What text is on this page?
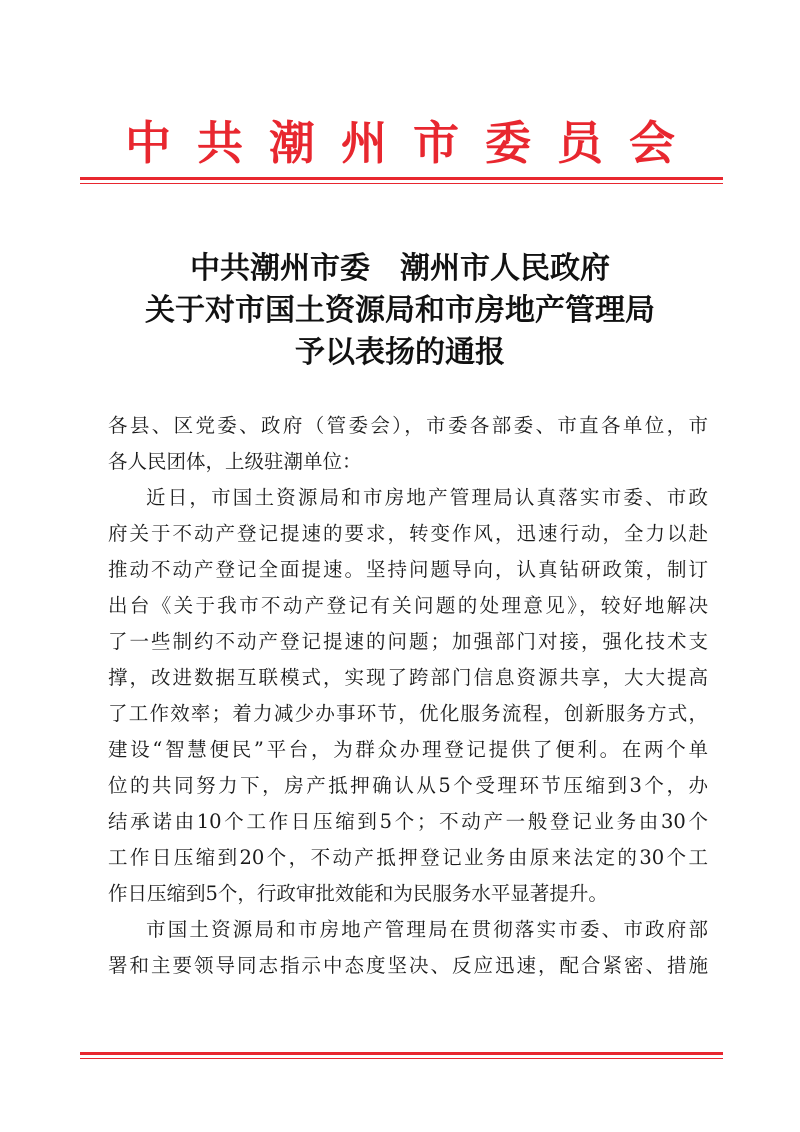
中共潮州市委员会
中共潮州市委　潮州市人民政府
关于对市国土资源局和市房地产管理局
予以表扬的通报
各县、区党委、政府（管委会），市委各部委、市直各单位，市
各人民团体，上级驻潮单位：
近日，市国土资源局和市房地产管理局认真落实市委、市政
府关于不动产登记提速的要求，转变作风，迅速行动，全力以赴
推动不动产登记全面提速。坚持问题导向，认真钻研政策，制订
出台《关于我市不动产登记有关问题的处理意见》，较好地解决
了一些制约不动产登记提速的问题；加强部门对接，强化技术支
撑，改进数据互联模式，实现了跨部门信息资源共享，大大提高
了工作效率；着力减少办事环节，优化服务流程，创新服务方式，
建设“智慧便民”平台，为群众办理登记提供了便利。在两个单
位的共同努力下，房产抵押确认从5个受理环节压缩到3个，办
结承诺由10个工作日压缩到5个；不动产一般登记业务由30个
工作日压缩到20个，不动产抵押登记业务由原来法定的30个工
作日压缩到5个，行政审批效能和为民服务水平显著提升。
市国土资源局和市房地产管理局在贯彻落实市委、市政府部
署和主要领导同志指示中态度坚决、反应迅速，配合紧密、措施
